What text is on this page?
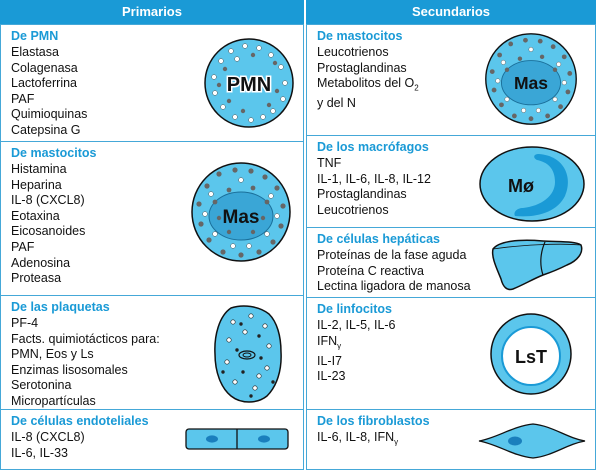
Primarios	Secundarios
De PMN
Elastasa
Colagenasa
Lactoferrina
PAF
Quimioquinas
Catepsina G
PMN
De mastocitos
Histamina
Heparina
IL-8 (CXCL8)
Eotaxina
Eicosanoides
PAF
Adenosina
Proteasa
Mas
De las plaquetas
PF-4
Facts. quimiotácticos para:
PMN, Eos y Ls
Enzimas lisosomales
Serotonina
Micropartículas
De células endoteliales
IL-8 (CXCL8)
IL-6, IL-33
De mastocitos
Leucotrienos
Prostaglandinas
Metabolitos del $O_2$
y del N
Mas
De los macrófagos
TNF
IL-1, IL-6, IL-8, IL-12
Prostaglandinas
Leucotrienos
Mø
De células hepáticas
Proteínas de la fase aguda
Proteína C reactiva
Lectina ligadora de manosa
De linfocitos
IL-2, IL-5, IL-6
$IFN_\gamma$
IL-I7
IL-23
LsT
De los fibroblastos
IL-6, IL-8, $IFN_\gamma$
